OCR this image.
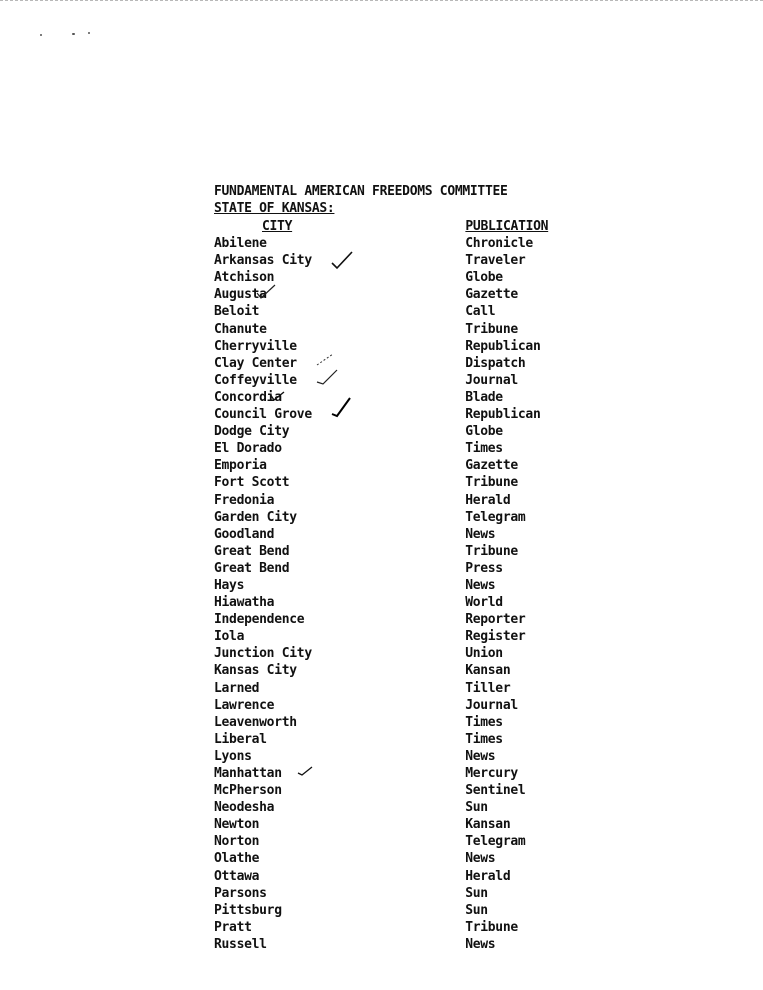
FUNDAMENTAL AMERICAN FREEDOMS COMMITTEE
STATE OF KANSAS:
CITY	PUBLICATION
Abilene	Chronicle
Arkansas City	Traveler
Atchison	Globe
Augusta	Gazette
Beloit	Call
Chanute	Tribune
Cherryville	Republican
Clay Center	Dispatch
Coffeyville	Journal
Concordia	Blade
Council Grove	Republican
Dodge City	Globe
El Dorado	Times
Emporia	Gazette
Fort Scott	Tribune
Fredonia	Herald
Garden City	Telegram
Goodland	News
Great Bend	Tribune
Great Bend	Press
Hays	News
Hiawatha	World
Independence	Reporter
Iola	Register
Junction City	Union
Kansas City	Kansan
Larned	Tiller
Lawrence	Journal
Leavenworth	Times
Liberal	Times
Lyons	News
Manhattan	Mercury
McPherson	Sentinel
Neodesha	Sun
Newton	Kansan
Norton	Telegram
Olathe	News
Ottawa	Herald
Parsons	Sun
Pittsburg	Sun
Pratt	Tribune
Russell	News
